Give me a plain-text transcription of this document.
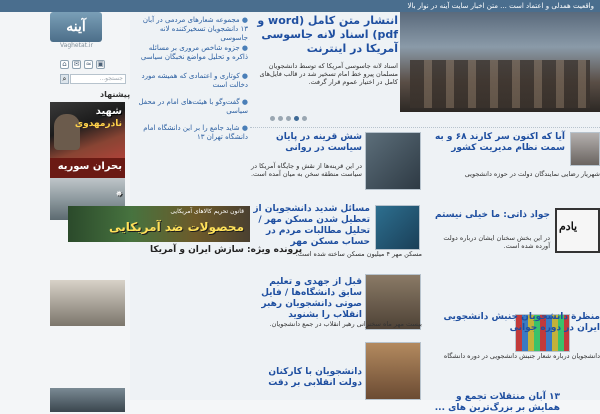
واقعیت همدلی و اعتماد است ... متن اخبار سایت آینه در نوار بالا
آینه
Vaghetat.ir
⌂ ✉ ≈ ▣
⌕	جستجو...
پیشنهاد
شهید
نادرمهدوی
بحران سوریه
⛯
● مجموعه شعارهای مردمی در آبان ۱۳ دانشجویان تسخیرکننده لانه جاسوسی
● جزوه شاخص مروری بر مسائله ذاکره و تحلیل مواضع نخبگان سیاسی
● کوتاری و اعتمادی که همیشه مورد دخالت است
● گفت‌وگو با هیئت‌های امام در محفل سیاسی
● شاید جامع را بر این دانشگاه امام دانشگاه تهران ۱۳
قانون تحریم کالاهای آمریکایی
محصولات ضد آمریکایی
پرونده ویژه: سازش ایران و آمریکا
انتشار متن کامل (word و pdf) اسناد لانه جاسوسی آمریکا در اینترنت
اسناد لانه جاسوسی آمریکا که توسط دانشجویان مسلمان پیرو خط امام تسخیر شد در قالب فایل‌های کامل در اختیار عموم قرار گرفت.
شش قرینه در پایان سیاست در روانی
در این قرینه‌ها از نقش و جایگاه آمریکا در سیاست منطقه سخن به میان آمده است.
مسائل شدید دانشجویان از تعطیل شدن مسکن مهر / تحلیل مطالبات مردم در حساب مسکن مهر
مسکن مهر ۴ میلیون مسکن ساخته شده است.
قبل از جهدی و تعلیم سابق دانشگاه‌ها / فایل صوتی دانشجویان رهبر انقلاب را بشنوید
بیست مهر ماه سخنرانی رهبر انقلاب در جمع دانشجویان.
دانشجویان با کارکنان دولت انقلابی بر دقت
آیا که اکنون سر کارند ۶۸ و به سمت نظام مدیریت کشور
شهریار رضایی نمایندگان دولت در حوزه دانشجویی
یادم
جواد ذاتی: ما خیلی نیستم
در این بخش سخنان ایشان درباره دولت آورده شده است.
منظرة دانشجویان جنبش دانشجویی ایران در دوره جوانی
دانشجویان درباره شعار جنبش دانشجویی در دوره دانشگاه
۱۳ آبان منتقلات تجمع و همایش بر بزرگ‌ترین های ...
